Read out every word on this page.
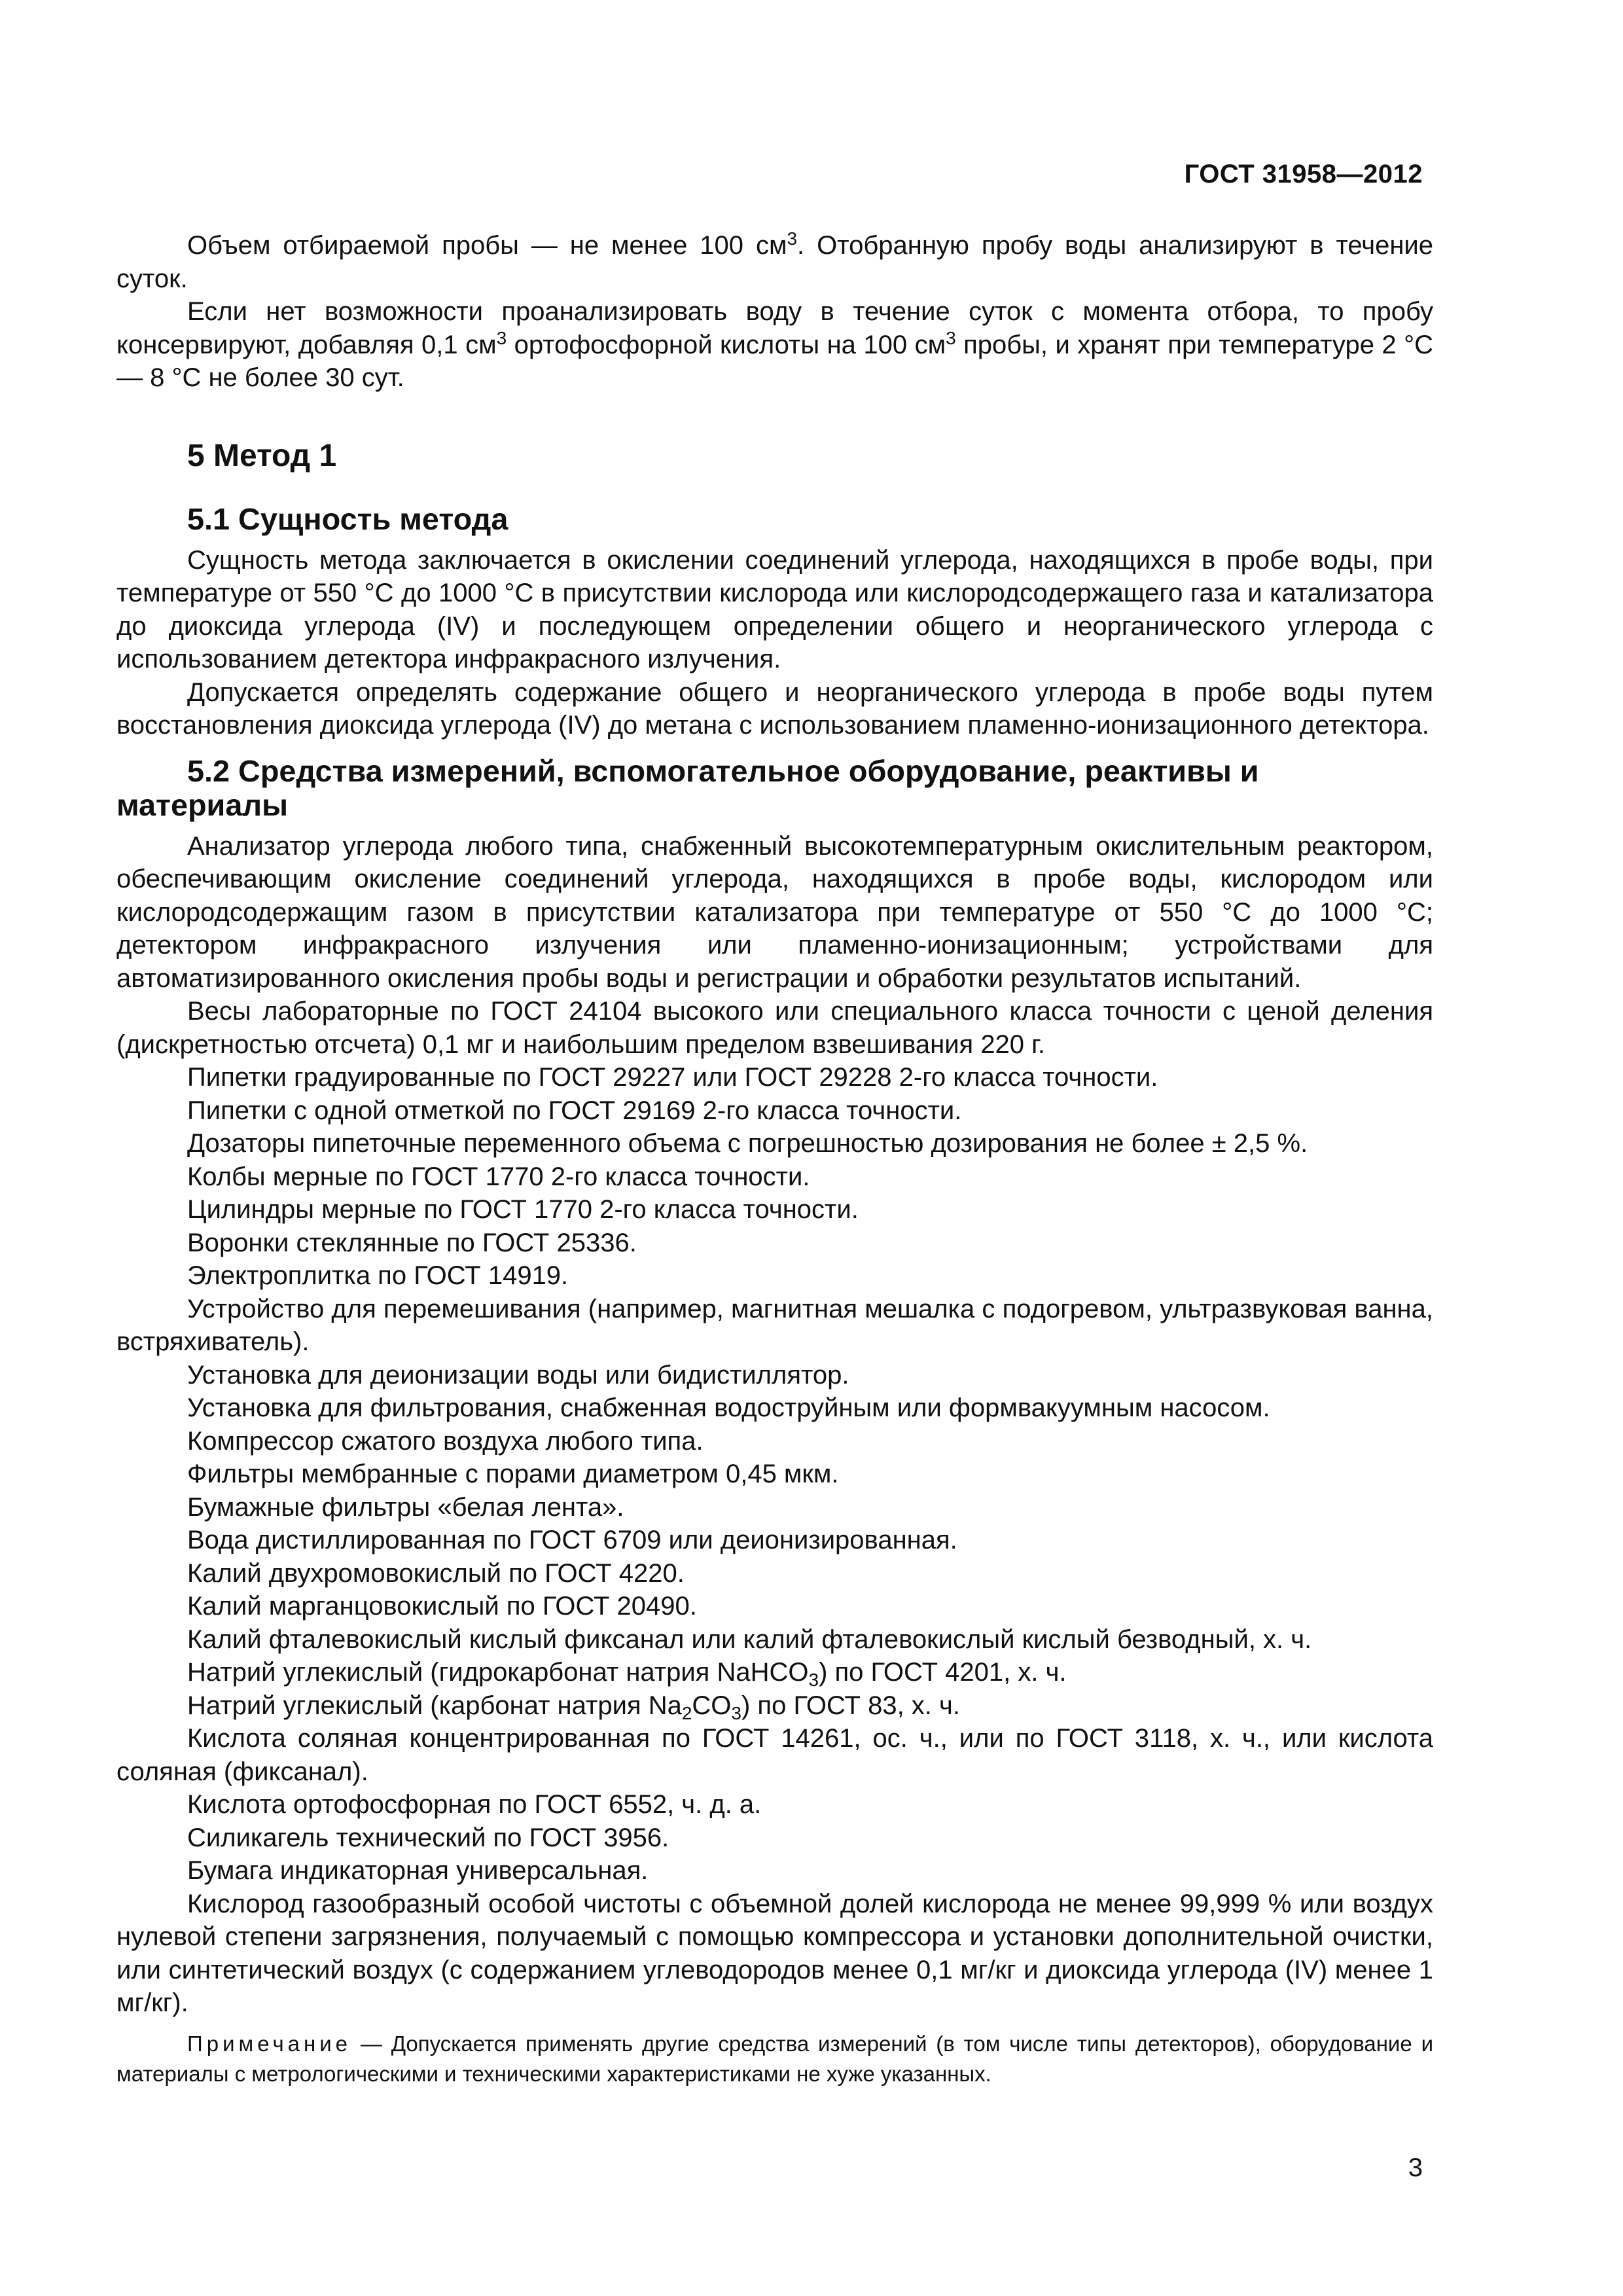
ГОСТ 31958—2012

Объем отбираемой пробы — не менее 100 $см^3$. Отобранную пробу воды анализируют в течение суток.

Если нет возможности проанализировать воду в течение суток с момента отбора, то пробу консервируют, добавляя 0,1 $см^3$ ортофосфорной кислоты на 100 $см^3$ пробы, и хранят при температуре 2 °C — 8 °C не более 30 сут.

5 Метод 1
5.1 Сущность метода

Сущность метода заключается в окислении соединений углерода, находящихся в пробе воды, при температуре от 550 °C до 1000 °C в присутствии кислорода или кислородсодержащего газа и катализатора до диоксида углерода (IV) и последующем определении общего и неорганического углерода с использованием детектора инфракрасного излучения.

Допускается определять содержание общего и неорганического углерода в пробе воды путем восстановления диоксида углерода (IV) до метана с использованием пламенно-ионизационного детектора.

5.2 Средства измерений, вспомогательное оборудование, реактивы и материалы

Анализатор углерода любого типа, снабженный высокотемпературным окислительным реактором, обеспечивающим окисление соединений углерода, находящихся в пробе воды, кислородом или кислородсодержащим газом в присутствии катализатора при температуре от 550 °C до 1000 °C; детектором инфракрасного излучения или пламенно-ионизационным; устройствами для автоматизированного окисления пробы воды и регистрации и обработки результатов испытаний.

Весы лабораторные по ГОСТ 24104 высокого или специального класса точности с ценой деления (дискретностью отсчета) 0,1 мг и наибольшим пределом взвешивания 220 г.

Пипетки градуированные по ГОСТ 29227 или ГОСТ 29228 2-го класса точности.
Пипетки с одной отметкой по ГОСТ 29169 2-го класса точности.
Дозаторы пипеточные переменного объема с погрешностью дозирования не более ± 2,5 %.
Колбы мерные по ГОСТ 1770 2-го класса точности.
Цилиндры мерные по ГОСТ 1770 2-го класса точности.
Воронки стеклянные по ГОСТ 25336.
Электроплитка по ГОСТ 14919.

Устройство для перемешивания (например, магнитная мешалка с подогревом, ультразвуковая ванна, встряхиватель).

Установка для деионизации воды или бидистиллятор.
Установка для фильтрования, снабженная водоструйным или формвакуумным насосом.
Компрессор сжатого воздуха любого типа.
Фильтры мембранные с порами диаметром 0,45 мкм.
Бумажные фильтры «белая лента».
Вода дистиллированная по ГОСТ 6709 или деионизированная.
Калий двухромовокислый по ГОСТ 4220.
Калий марганцовокислый по ГОСТ 20490.
Калий фталевокислый кислый фиксанал или калий фталевокислый кислый безводный, х. ч.
Натрий углекислый (гидрокарбонат натрия NaHCO$_3$) по ГОСТ 4201, х. ч.
Натрий углекислый (карбонат натрия $Na_2CO_3$) по ГОСТ 83, х. ч.

Кислота соляная концентрированная по ГОСТ 14261, ос. ч., или по ГОСТ 3118, х. ч., или кислота соляная (фиксанал).

Кислота ортофосфорная по ГОСТ 6552, ч. д. а.
Силикагель технический по ГОСТ 3956.
Бумага индикаторная универсальная.

Кислород газообразный особой чистоты с объемной долей кислорода не менее 99,999 % или воздух нулевой степени загрязнения, получаемый с помощью компрессора и установки дополнительной очистки, или синтетический воздух (с содержанием углеводородов менее 0,1 мг/кг и диоксида углерода (IV) менее 1 мг/кг).

Примечание — Допускается применять другие средства измерений (в том числе типы детекторов), оборудование и материалы с метрологическими и техническими характеристиками не хуже указанных.

3
